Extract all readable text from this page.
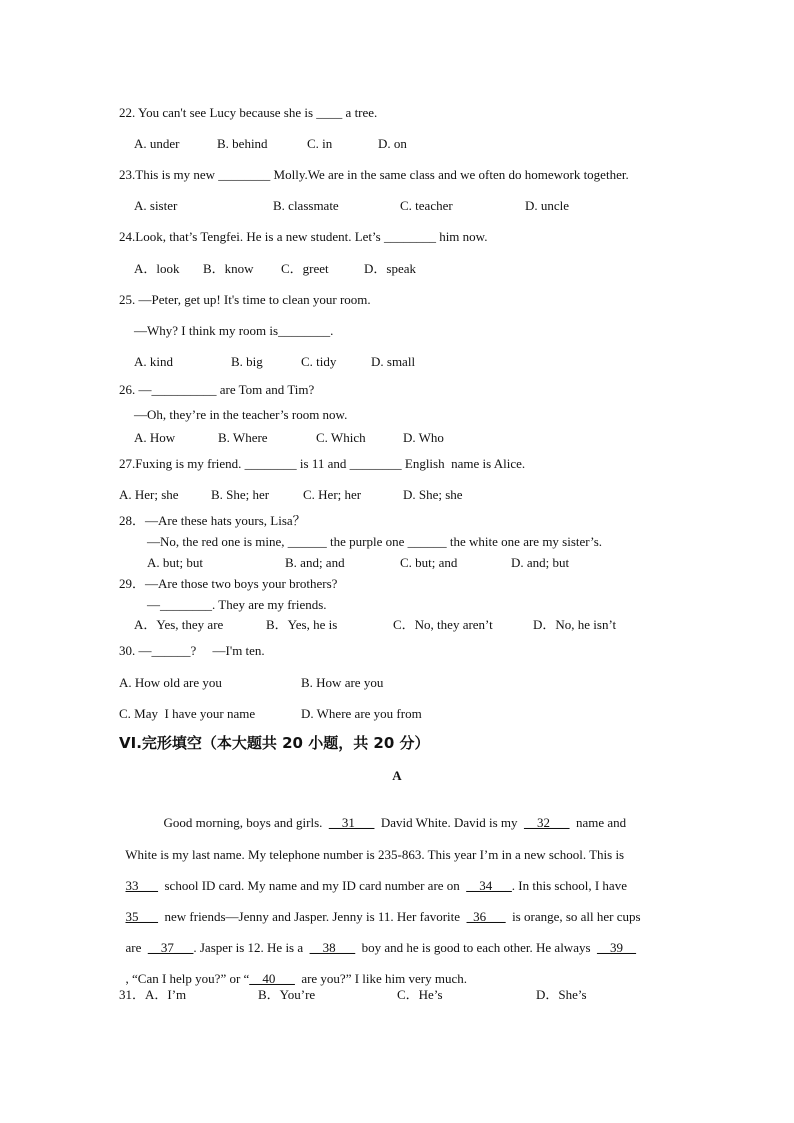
22. You can't see Lucy because she is ____ a tree.
A. under	B. behind	C. in	D. on
23.This is my new ________ Molly.We are in the same class and we often do homework together.
A. sister	B. classmate	C. teacher	D. uncle
24.Look, that’s Tengfei. He is a new student. Let’s ________ him now.
A．look B．know C．greet	D．speak
25. —Peter, get up! It's time to clean your room.
—Why? I think my room is________.
A. kind	B. big	C. tidy	D. small
26. —__________ are Tom and Tim?
—Oh, they’re in the teacher’s room now.
A. How	B. Where	C. Which	D. Who
27.Fuxing is my friend. ________ is 11 and ________ English  name is Alice.
A. Her; she B. She; her	C. Her; her	D. She; she
28．—Are these hats yours, Lisa？
—No, the red one is mine, ______ the purple one ______ the white one are my sister’s.
A. but; but	B. and; and	C. but; and	D. and; but
29．—Are those two boys your brothers?
—________. They are my friends.
A．Yes, they are	B．Yes, he is	C．No, they aren’t	D．No, he isn’t
30. —______?     —I'm ten.
A. How old are you	B. How are you
C. May  I have your name	D. Where are you from
VI.完形填空（本大题共 20 小题，共 20 分）
A

Good morning, boys and girls.  __31___  David White. David is my  __32___  name and

White is my last name. My telephone number is 235-863. This year I’m in a new school. This is

33___  school ID card. My name and my ID card number are on  __34___. In this school, I have

35___  new friends—Jenny and Jasper. Jenny is 11. Her favorite  _36___  is orange, so all her cups

are  __37___. Jasper is 12. He is a  __38___  boy and he is good to each other. He always  __39__

, “Can I help you?” or “__40___  are you?” I like him very much.

31．A．I’m	B．You’re	C．He’s	D．She’s
